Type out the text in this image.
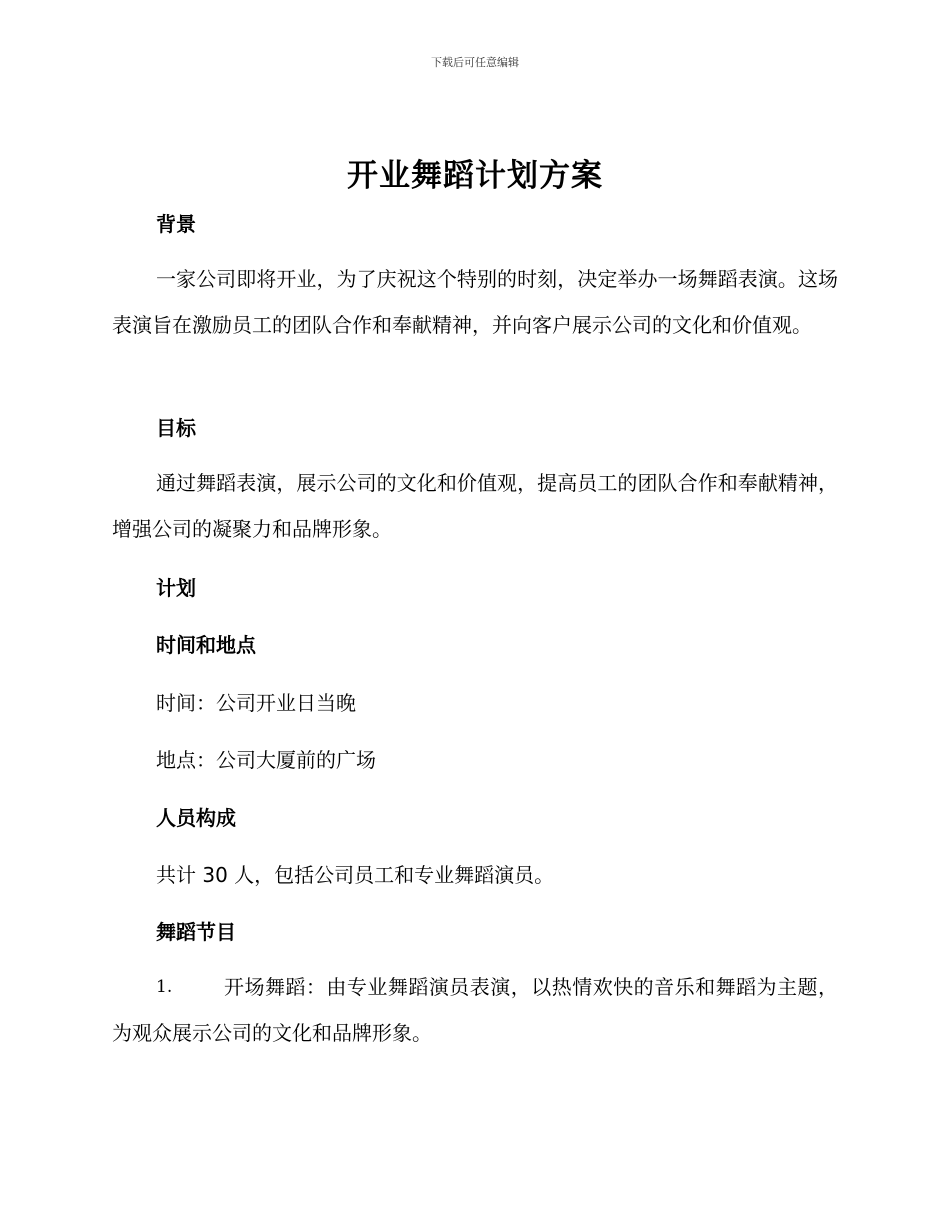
下载后可任意编辑
开业舞蹈计划方案
背景
一家公司即将开业，为了庆祝这个特别的时刻，决定举办一场舞蹈表演。这场表演旨在激励员工的团队合作和奉献精神，并向客户展示公司的文化和价值观。
目标
通过舞蹈表演，展示公司的文化和价值观，提高员工的团队合作和奉献精神，增强公司的凝聚力和品牌形象。
计划
时间和地点
时间：公司开业日当晚
地点：公司大厦前的广场
人员构成
共计 30 人，包括公司员工和专业舞蹈演员。
舞蹈节目
1.	开场舞蹈：由专业舞蹈演员表演，以热情欢快的音乐和舞蹈为主题，为观众展示公司的文化和品牌形象。
